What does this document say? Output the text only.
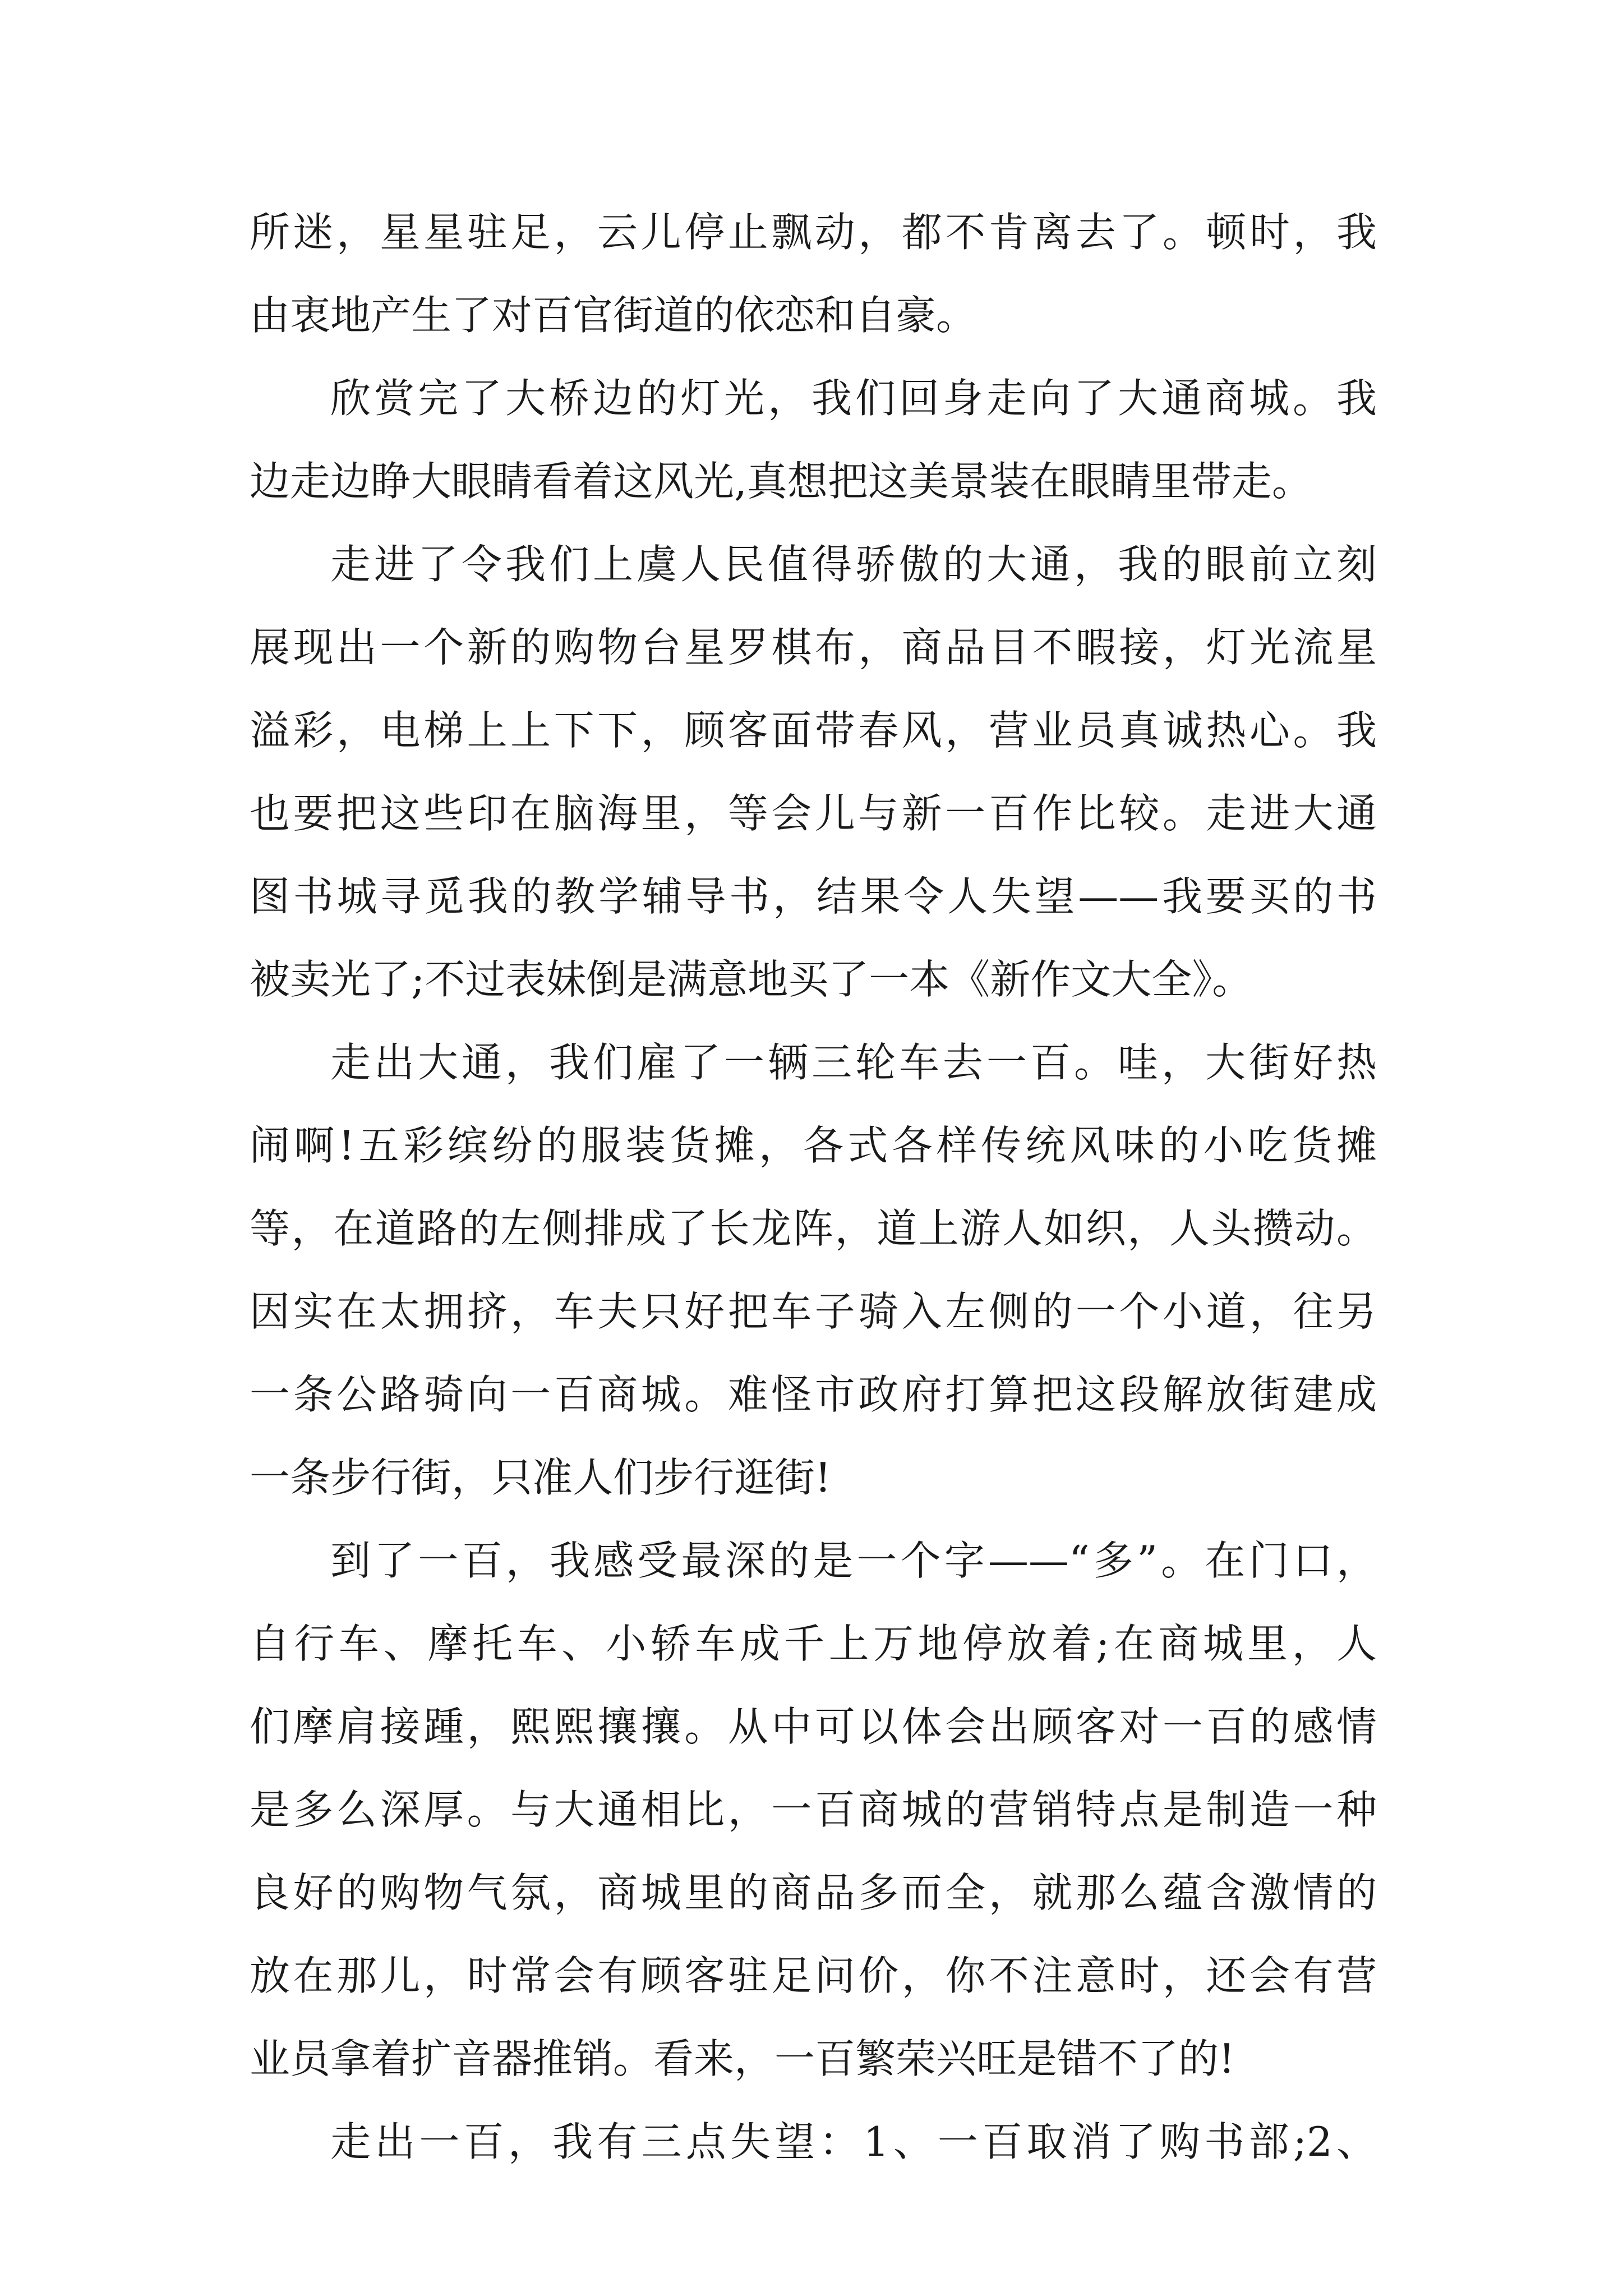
所迷，星星驻足，云儿停止飘动，都不肯离去了。顿时，我
由衷地产生了对百官街道的依恋和自豪。
欣赏完了大桥边的灯光，我们回身走向了大通商城。我
边走边睁大眼睛看着这风光,真想把这美景装在眼睛里带走。
走进了令我们上虞人民值得骄傲的大通，我的眼前立刻
展现出一个新的购物台星罗棋布，商品目不暇接，灯光流星
溢彩，电梯上上下下，顾客面带春风，营业员真诚热心。我
也要把这些印在脑海里，等会儿与新一百作比较。走进大通
图书城寻觅我的教学辅导书，结果令人失望——我要买的书
被卖光了;不过表妹倒是满意地买了一本《新作文大全》。
走出大通，我们雇了一辆三轮车去一百。哇，大街好热
闹啊!五彩缤纷的服装货摊，各式各样传统风味的小吃货摊
等，在道路的左侧排成了长龙阵，道上游人如织，人头攒动。
因实在太拥挤，车夫只好把车子骑入左侧的一个小道，往另
一条公路骑向一百商城。难怪市政府打算把这段解放街建成
一条步行街，只准人们步行逛街!
到了一百，我感受最深的是一个字——“多”。在门口，
自行车、摩托车、小轿车成千上万地停放着;在商城里，人
们摩肩接踵，熙熙攘攘。从中可以体会出顾客对一百的感情
是多么深厚。与大通相比，一百商城的营销特点是制造一种
良好的购物气氛，商城里的商品多而全，就那么蕴含激情的
放在那儿，时常会有顾客驻足问价，你不注意时，还会有营
业员拿着扩音器推销。看来，一百繁荣兴旺是错不了的!
走出一百，我有三点失望：1、一百取消了购书部;2、
